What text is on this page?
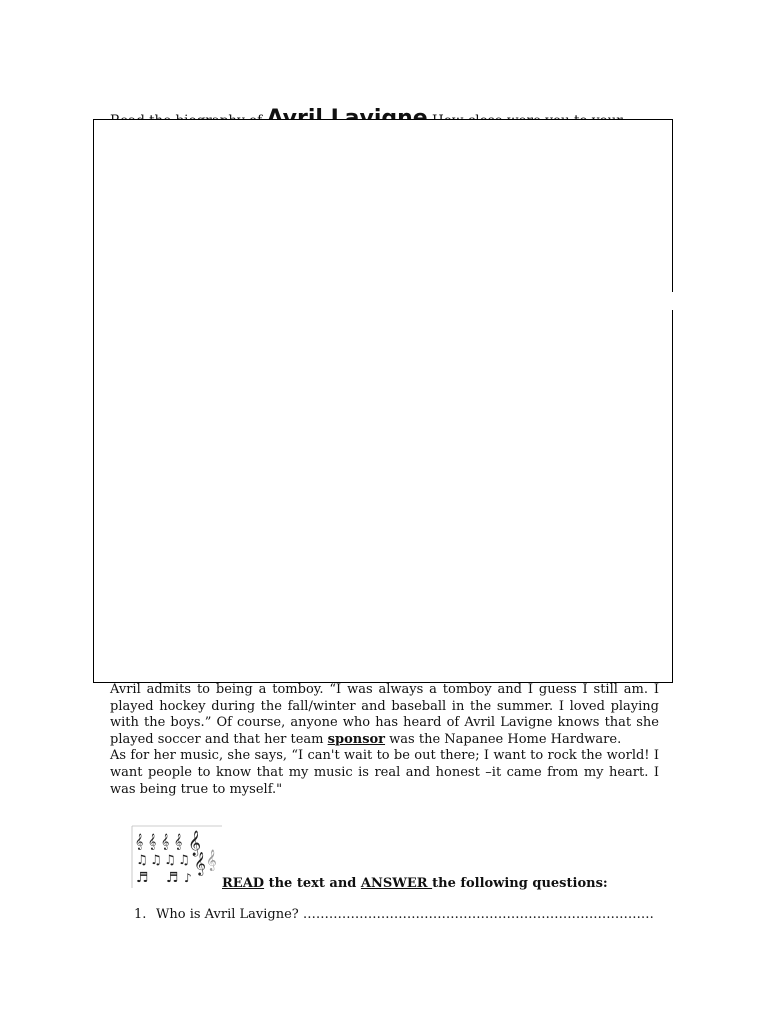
Avril admits to being a tomboy. “I was always a tomboy and I guess I still am. I played hockey during the fall/winter and baseball in the summer. I loved playing with the boys.” Of course, anyone who has heard of Avril Lavigne knows that she played soccer and that her team sponsor was the Napanee Home Hardware.

As for her music, she says, “I can't wait to be out there; I want to rock the world! I want people to know that my music is real and honest –it came from my heart. I was being true to myself."

𝄞 𝄞 𝄞 𝄞 𝄞
♫ ♫ ♫ ♫ 𝄞
♬ ♬ ♪
𝄞
READ the text and ANSWER the following questions:
1. Who is Avril Lavigne? ………………………………………………………………………
